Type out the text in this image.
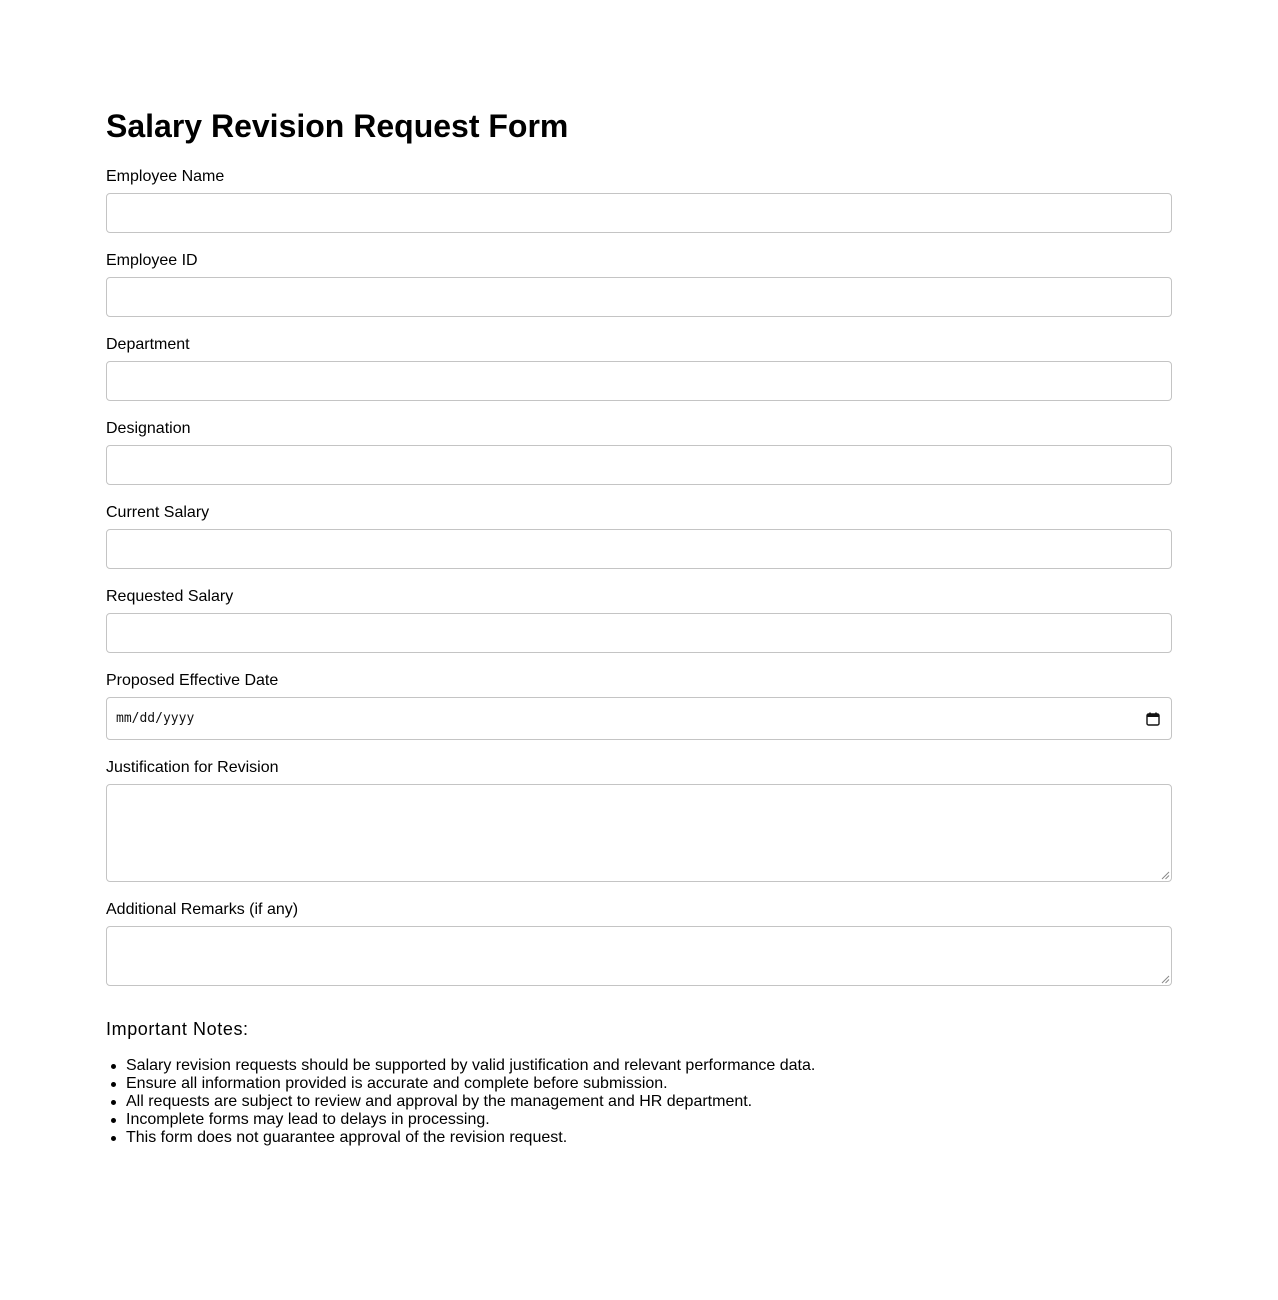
Salary Revision Request Form
Employee Name
Employee ID
Department
Designation
Current Salary
Requested Salary
Proposed Effective Date
mm/dd/yyyy
Justification for Revision
Additional Remarks (if any)
Important Notes:
Salary revision requests should be supported by valid justification and relevant performance data.
Ensure all information provided is accurate and complete before submission.
All requests are subject to review and approval by the management and HR department.
Incomplete forms may lead to delays in processing.
This form does not guarantee approval of the revision request.
